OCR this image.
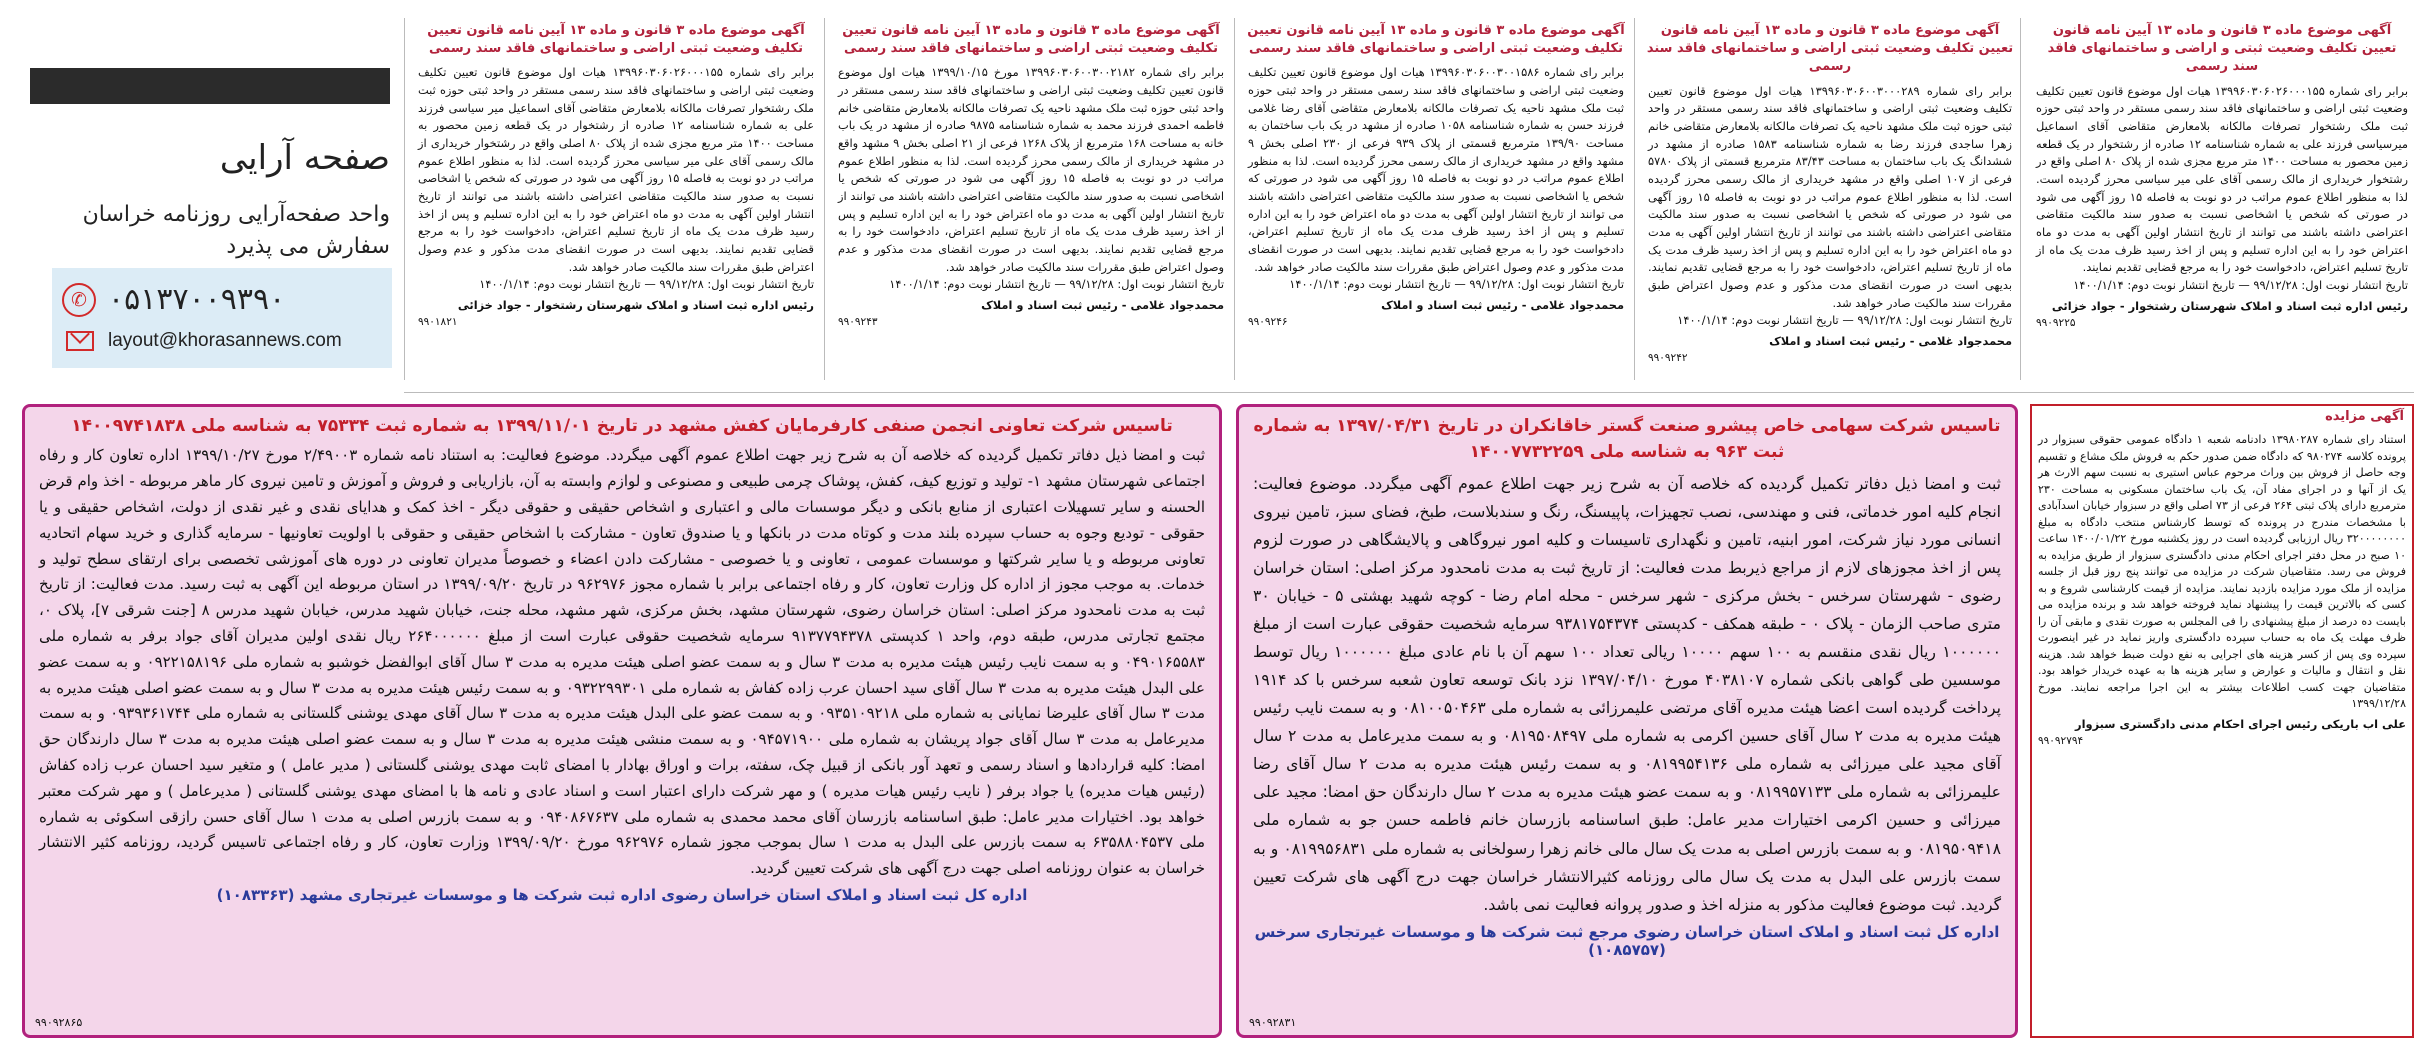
صفحه آرایی
واحد صفحه‌آرایی روزنامه خراسان
سفارش می پذیرد
✆ ۰۵۱۳۷۰۰۹۳۹۰
layout@khorasannews.com
آگهی موضوع ماده ۳ قانون و ماده ۱۳ آیین نامه قانون تعیین تکلیف وضعیت ثبتی و اراضی و ساختمانهای فاقد سند رسمی
برابر رای شماره ۱۳۹۹۶۰۳۰۶۰۲۶۰۰۰۱۵۵ هیات اول موضوع قانون تعیین تکلیف وضعیت ثبتی اراضی و ساختمانهای فاقد سند رسمی مستقر در واحد ثبتی حوزه ثبت ملک رشتخوار تصرفات مالکانه بلامعارض متقاضی آقای اسماعیل میرسیاسی فرزند علی به شماره شناسنامه ۱۲ صادره از رشتخوار در یک قطعه زمین محصور به مساحت ۱۴۰۰ متر مربع مجزی شده از پلاک ۸۰ اصلی واقع در رشتخوار خریداری از مالک رسمی آقای علی میر سیاسی محرز گردیده است. لذا به منظور اطلاع عموم مراتب در دو نوبت به فاصله ۱۵ روز آگهی می شود در صورتی که شخص یا اشخاصی نسبت به صدور سند مالکیت متقاضی اعتراضی داشته باشند می توانند از تاریخ انتشار اولین آگهی به مدت دو ماه اعتراض خود را به این اداره تسلیم و پس از اخذ رسید ظرف مدت یک ماه از تاریخ تسلیم اعتراض، دادخواست خود را به مرجع قضایی تقدیم نمایند.
تاریخ انتشار نوبت اول: ۹۹/۱۲/۲۸ — تاریخ انتشار نوبت دوم: ۱۴۰۰/۱/۱۴
رئیس اداره ثبت اسناد و املاک شهرستان رشتخوار - جواد خزائی
۹۹۰۹۲۲۵
آگهی موضوع ماده ۳ قانون و ماده ۱۳ آیین نامه قانون تعیین تکلیف وضعیت ثبتی اراضی و ساختمانهای فاقد سند رسمی
برابر رای شماره ۱۳۹۹۶۰۳۰۶۰۰۳۰۰۰۲۸۹ هیات اول موضوع قانون تعیین تکلیف وضعیت ثبتی اراضی و ساختمانهای فاقد سند رسمی مستقر در واحد ثبتی حوزه ثبت ملک مشهد ناحیه یک تصرفات مالکانه بلامعارض متقاضی خانم زهرا ساجدی فرزند رضا به شماره شناسنامه ۱۵۸۳ صادره از مشهد در ششدانگ یک باب ساختمان به مساحت ۸۳/۴۳ مترمربع قسمتی از پلاک ۵۷۸۰ فرعی از ۱۰۷ اصلی واقع در مشهد خریداری از مالک رسمی محرز گردیده است. لذا به منظور اطلاع عموم مراتب در دو نوبت به فاصله ۱۵ روز آگهی می شود در صورتی که شخص یا اشخاصی نسبت به صدور سند مالکیت متقاضی اعتراضی داشته باشند می توانند از تاریخ انتشار اولین آگهی به مدت دو ماه اعتراض خود را به این اداره تسلیم و پس از اخذ رسید ظرف مدت یک ماه از تاریخ تسلیم اعتراض، دادخواست خود را به مرجع قضایی تقدیم نمایند. بدیهی است در صورت انقضای مدت مذکور و عدم وصول اعتراض طبق مقررات سند مالکیت صادر خواهد شد.
تاریخ انتشار نوبت اول: ۹۹/۱۲/۲۸ — تاریخ انتشار نوبت دوم: ۱۴۰۰/۱/۱۴
محمدجواد غلامی - رئیس ثبت اسناد و املاک
۹۹۰۹۲۴۲
آگهی موضوع ماده ۳ قانون و ماده ۱۳ آیین نامه قانون تعیین تکلیف وضعیت ثبتی اراضی و ساختمانهای فاقد سند رسمی
برابر رای شماره ۱۳۹۹۶۰۳۰۶۰۰۳۰۰۱۵۸۶ هیات اول موضوع قانون تعیین تکلیف وضعیت ثبتی اراضی و ساختمانهای فاقد سند رسمی مستقر در واحد ثبتی حوزه ثبت ملک مشهد ناحیه یک تصرفات مالکانه بلامعارض متقاضی آقای رضا غلامی فرزند حسن به شماره شناسنامه ۱۰۵۸ صادره از مشهد در یک باب ساختمان به مساحت ۱۳۹/۹۰ مترمربع قسمتی از پلاک ۹۳۹ فرعی از ۲۳۰ اصلی بخش ۹ مشهد واقع در مشهد خریداری از مالک رسمی محرز گردیده است. لذا به منظور اطلاع عموم مراتب در دو نوبت به فاصله ۱۵ روز آگهی می شود در صورتی که شخص یا اشخاصی نسبت به صدور سند مالکیت متقاضی اعتراضی داشته باشند می توانند از تاریخ انتشار اولین آگهی به مدت دو ماه اعتراض خود را به این اداره تسلیم و پس از اخذ رسید ظرف مدت یک ماه از تاریخ تسلیم اعتراض، دادخواست خود را به مرجع قضایی تقدیم نمایند. بدیهی است در صورت انقضای مدت مذکور و عدم وصول اعتراض طبق مقررات سند مالکیت صادر خواهد شد.
تاریخ انتشار نوبت اول: ۹۹/۱۲/۲۸ — تاریخ انتشار نوبت دوم: ۱۴۰۰/۱/۱۴
محمدجواد غلامی - رئیس ثبت اسناد و املاک
۹۹۰۹۲۴۶
آگهی موضوع ماده ۳ قانون و ماده ۱۳ آیین نامه قانون تعیین تکلیف وضعیت ثبتی اراضی و ساختمانهای فاقد سند رسمی
برابر رای شماره ۱۳۹۹۶۰۳۰۶۰۰۳۰۰۲۱۸۲ مورخ ۱۳۹۹/۱۰/۱۵ هیات اول موضوع قانون تعیین تکلیف وضعیت ثبتی اراضی و ساختمانهای فاقد سند رسمی مستقر در واحد ثبتی حوزه ثبت ملک مشهد ناحیه یک تصرفات مالکانه بلامعارض متقاضی خانم فاطمه احمدی فرزند محمد به شماره شناسنامه ۹۸۷۵ صادره از مشهد در یک باب خانه به مساحت ۱۶۸ مترمربع از پلاک ۱۲۶۸ فرعی از ۲۱ اصلی بخش ۹ مشهد واقع در مشهد خریداری از مالک رسمی محرز گردیده است. لذا به منظور اطلاع عموم مراتب در دو نوبت به فاصله ۱۵ روز آگهی می شود در صورتی که شخص یا اشخاصی نسبت به صدور سند مالکیت متقاضی اعتراضی داشته باشند می توانند از تاریخ انتشار اولین آگهی به مدت دو ماه اعتراض خود را به این اداره تسلیم و پس از اخذ رسید ظرف مدت یک ماه از تاریخ تسلیم اعتراض، دادخواست خود را به مرجع قضایی تقدیم نمایند. بدیهی است در صورت انقضای مدت مذکور و عدم وصول اعتراض طبق مقررات سند مالکیت صادر خواهد شد.
تاریخ انتشار نوبت اول: ۹۹/۱۲/۲۸ — تاریخ انتشار نوبت دوم: ۱۴۰۰/۱/۱۴
محمدجواد غلامی - رئیس ثبت اسناد و املاک
۹۹۰۹۲۴۳
آگهی موضوع ماده ۳ قانون و ماده ۱۳ آیین نامه قانون تعیین تکلیف وضعیت ثبتی اراضی و ساختمانهای فاقد سند رسمی
برابر رای شماره ۱۳۹۹۶۰۳۰۶۰۲۶۰۰۰۱۵۵ هیات اول موضوع قانون تعیین تکلیف وضعیت ثبتی اراضی و ساختمانهای فاقد سند رسمی مستقر در واحد ثبتی حوزه ثبت ملک رشتخوار تصرفات مالکانه بلامعارض متقاضی آقای اسماعیل میر سیاسی فرزند علی به شماره شناسنامه ۱۲ صادره از رشتخوار در یک قطعه زمین محصور به مساحت ۱۴۰۰ متر مربع مجزی شده از پلاک ۸۰ اصلی واقع در رشتخوار خریداری از مالک رسمی آقای علی میر سیاسی محرز گردیده است. لذا به منظور اطلاع عموم مراتب در دو نوبت به فاصله ۱۵ روز آگهی می شود در صورتی که شخص یا اشخاصی نسبت به صدور سند مالکیت متقاضی اعتراضی داشته باشند می توانند از تاریخ انتشار اولین آگهی به مدت دو ماه اعتراض خود را به این اداره تسلیم و پس از اخذ رسید ظرف مدت یک ماه از تاریخ تسلیم اعتراض، دادخواست خود را به مرجع قضایی تقدیم نمایند. بدیهی است در صورت انقضای مدت مذکور و عدم وصول اعتراض طبق مقررات سند مالکیت صادر خواهد شد.
تاریخ انتشار نوبت اول: ۹۹/۱۲/۲۸ — تاریخ انتشار نوبت دوم: ۱۴۰۰/۱/۱۴
رئیس اداره ثبت اسناد و املاک شهرستان رشتخوار - جواد خزائی
۹۹۰۱۸۲۱
آگهی مزایده
استناد رای شماره ۱۳۹۸۰۲۸۷ دادنامه شعبه ۱ دادگاه عمومی حقوقی سبزوار در پرونده کلاسه ۹۸۰۲۷۴ که دادگاه ضمن صدور حکم به فروش ملک مشاع و تقسیم وجه حاصل از فروش بین وراث مرحوم عباس استیری به نسبت سهم الارث هر یک از آنها و در اجرای مفاد آن، یک باب ساختمان مسکونی به مساحت ۲۳۰ مترمربع دارای پلاک ثبتی ۲۶۴ فرعی از ۷۳ اصلی واقع در سبزوار خیابان اسدآبادی با مشخصات مندرج در پرونده که توسط کارشناس منتخب دادگاه به مبلغ ۳۲۰۰۰۰۰۰۰۰ ریال ارزیابی گردیده است در روز یکشنبه مورخ ۱۴۰۰/۰۱/۲۲ ساعت ۱۰ صبح در محل دفتر اجرای احکام مدنی دادگستری سبزوار از طریق مزایده به فروش می رسد. متقاضیان شرکت در مزایده می توانند پنج روز قبل از جلسه مزایده از ملک مورد مزایده بازدید نمایند. مزایده از قیمت کارشناسی شروع و به کسی که بالاترین قیمت را پیشنهاد نماید فروخته خواهد شد و برنده مزایده می بایست ده درصد از مبلغ پیشنهادی را فی المجلس به صورت نقدی و مابقی آن را ظرف مهلت یک ماه به حساب سپرده دادگستری واریز نماید در غیر اینصورت سپرده وی پس از کسر هزینه های اجرایی به نفع دولت ضبط خواهد شد. هزینه نقل و انتقال و مالیات و عوارض و سایر هزینه ها به عهده خریدار خواهد بود. متقاضیان جهت کسب اطلاعات بیشتر به این اجرا مراجعه نمایند. مورخ ۱۳۹۹/۱۲/۲۸
علی اب باریکی رئیس اجرای احکام مدنی دادگستری سبزوار
۹۹۰۹۲۷۹۴
تاسیس شرکت سهامی خاص پیشرو صنعت گستر خاقانکران در تاریخ ۱۳۹۷/۰۴/۳۱ به شماره ثبت ۹۶۳ به شناسه ملی ۱۴۰۰۷۷۳۲۲۵۹
ثبت و امضا ذیل دفاتر تکمیل گردیده که خلاصه آن به شرح زیر جهت اطلاع عموم آگهی میگردد. موضوع فعالیت: انجام کلیه امور خدماتی، فنی و مهندسی، نصب تجهیزات، پاپیسنگ، رنگ و سندبلاست، طبخ، فضای سبز، تامین نیروی انسانی مورد نیاز شرکت، امور ابنیه، تامین و نگهداری تاسیسات و کلیه امور نیروگاهی و پالایشگاهی در صورت لزوم پس از اخذ مجوزهای لازم از مراجع ذیربط مدت فعالیت: از تاریخ ثبت به مدت نامحدود مرکز اصلی: استان خراسان رضوی - شهرستان سرخس - بخش مرکزی - شهر سرخس - محله امام رضا - کوچه شهید بهشتی ۵ - خیابان ۳۰ متری صاحب الزمان - پلاک ۰ - طبقه همکف - کدپستی ۹۳۸۱۷۵۴۳۷۴ سرمایه شخصیت حقوقی عبارت است از مبلغ ۱۰۰۰۰۰۰ ریال نقدی منقسم به ۱۰۰ سهم ۱۰۰۰۰ ریالی تعداد ۱۰۰ سهم آن با نام عادی مبلغ ۱۰۰۰۰۰۰ ریال توسط موسسین طی گواهی بانکی شماره ۴۰۳۸۱۰۷ مورخ ۱۳۹۷/۰۴/۱۰ نزد بانک توسعه تعاون شعبه سرخس با کد ۱۹۱۴ پرداخت گردیده است اعضا هیئت مدیره آقای مرتضی علیمرزائی به شماره ملی ۰۸۱۰۰۵۰۴۶۳ و به سمت نایب رئیس هیئت مدیره به مدت ۲ سال آقای حسین اکرمی به شماره ملی ۰۸۱۹۵۰۸۴۹۷ و به سمت مدیرعامل به مدت ۲ سال آقای مجید علی میرزائی به شماره ملی ۰۸۱۹۹۵۴۱۳۶ و به سمت رئیس هیئت مدیره به مدت ۲ سال آقای رضا علیمرزائی به شماره ملی ۰۸۱۹۹۵۷۱۳۳ و به سمت عضو هیئت مدیره به مدت ۲ سال دارندگان حق امضا: مجید علی میرزائی و حسین اکرمی اختیارات مدیر عامل: طبق اساسنامه بازرسان خانم فاطمه حسن جو به شماره ملی ۰۸۱۹۵۰۹۴۱۸ و به سمت بازرس اصلی به مدت یک سال مالی خانم زهرا رسولخانی به شماره ملی ۰۸۱۹۹۵۶۸۳۱ و به سمت بازرس علی البدل به مدت یک سال مالی روزنامه کثیرالانتشار خراسان جهت درج آگهی های شرکت تعیین گردید. ثبت موضوع فعالیت مذکور به منزله اخذ و صدور پروانه فعالیت نمی باشد.
اداره کل ثبت اسناد و املاک استان خراسان رضوی مرجع ثبت شرکت ها و موسسات غیرتجاری سرخس (۱۰۸۵۷۵۷)
۹۹۰۹۲۸۳۱
تاسیس شرکت تعاونی انجمن صنفی کارفرمایان کفش مشهد در تاریخ ۱۳۹۹/۱۱/۰۱ به شماره ثبت ۷۵۳۳۴ به شناسه ملی ۱۴۰۰۹۷۴۱۸۳۸
ثبت و امضا ذیل دفاتر تکمیل گردیده که خلاصه آن به شرح زیر جهت اطلاع عموم آگهی میگردد. موضوع فعالیت: به استناد نامه شماره ۲/۴۹۰۰۳ مورخ ۱۳۹۹/۱۰/۲۷ اداره تعاون کار و رفاه اجتماعی شهرستان مشهد ۱- تولید و توزیع کیف، کفش، پوشاک چرمی طبیعی و مصنوعی و لوازم وابسته به آن، بازاریابی و فروش و آموزش و تامین نیروی کار ماهر مربوطه - اخذ وام قرض الحسنه و سایر تسهیلات اعتباری از منابع بانکی و دیگر موسسات مالی و اعتباری و اشخاص حقیقی و حقوقی دیگر - اخذ کمک و هدایای نقدی و غیر نقدی از دولت، اشخاص حقیقی و یا حقوقی - تودیع وجوه به حساب سپرده بلند مدت و کوتاه مدت در بانکها و یا صندوق تعاون - مشارکت با اشخاص حقیقی و حقوقی با اولویت تعاونیها - سرمایه گذاری و خرید سهام اتحادیه تعاونی مربوطه و یا سایر شرکتها و موسسات عمومی ، تعاونی و یا خصوصی - مشارکت دادن اعضاء و خصوصاً مدیران تعاونی در دوره های آموزشی تخصصی برای ارتقای سطح تولید و خدمات. به موجب مجوز از اداره کل وزارت تعاون، کار و رفاه اجتماعی برابر با شماره مجوز ۹۶۲۹۷۶ در تاریخ ۱۳۹۹/۰۹/۲۰ در استان مربوطه این آگهی به ثبت رسید. مدت فعالیت: از تاریخ ثبت به مدت نامحدود مرکز اصلی: استان خراسان رضوی، شهرستان مشهد، بخش مرکزی، شهر مشهد، محله جنت، خیابان شهید مدرس، خیابان شهید مدرس ۸ [جنت شرقی ۷]، پلاک ۰، مجتمع تجارتی مدرس، طبقه دوم، واحد ۱ کدپستی ۹۱۳۷۷۹۴۳۷۸ سرمایه شخصیت حقوقی عبارت است از مبلغ ۲۶۴۰۰۰۰۰۰ ریال نقدی اولین مدیران آقای جواد برفر به شماره ملی ۰۴۹۰۱۶۵۵۸۳ و به سمت نایب رئیس هیئت مدیره به مدت ۳ سال و به سمت عضو اصلی هیئت مدیره به مدت ۳ سال آقای ابوالفضل خوشبو به شماره ملی ۰۹۲۲۱۵۸۱۹۶ و به سمت عضو علی البدل هیئت مدیره به مدت ۳ سال آقای سید احسان عرب زاده کفاش به شماره ملی ۰۹۳۲۲۹۹۳۰۱ و به سمت رئیس هیئت مدیره به مدت ۳ سال و به سمت عضو اصلی هیئت مدیره به مدت ۳ سال آقای علیرضا نمایانی به شماره ملی ۰۹۳۵۱۰۹۲۱۸ و به سمت عضو علی البدل هیئت مدیره به مدت ۳ سال آقای مهدی یوشنی گلستانی به شماره ملی ۰۹۳۹۳۶۱۷۴۴ و به سمت مدیرعامل به مدت ۳ سال آقای جواد پریشان به شماره ملی ۰۹۴۵۷۱۹۰۰ و به سمت منشی هیئت مدیره به مدت ۳ سال و به سمت عضو اصلی هیئت مدیره به مدت ۳ سال دارندگان حق امضا: کلیه قراردادها و اسناد رسمی و تعهد آور بانکی از قبیل چک، سفته، برات و اوراق بهادار با امضای ثابت مهدی یوشنی گلستانی ( مدیر عامل ) و متغیر سید احسان عرب زاده کفاش (رئیس هیات مدیره) یا جواد برفر ( نایب رئیس هیات مدیره ) و مهر شرکت دارای اعتبار است و اسناد عادی و نامه ها با امضای مهدی یوشنی گلستانی ( مدیرعامل ) و مهر شرکت معتبر خواهد بود. اختیارات مدیر عامل: طبق اساسنامه بازرسان آقای محمد محمدی به شماره ملی ۰۹۴۰۸۶۷۶۳۷ و به سمت بازرس اصلی به مدت ۱ سال آقای حسن رازقی اسکوئی به شماره ملی ۶۳۵۸۸۰۴۵۳۷ به سمت بازرس علی البدل به مدت ۱ سال بموجب مجوز شماره ۹۶۲۹۷۶ مورخ ۱۳۹۹/۰۹/۲۰ وزارت تعاون، کار و رفاه اجتماعی تاسیس گردید، روزنامه کثیر الانتشار خراسان به عنوان روزنامه اصلی جهت درج آگهی های شرکت تعیین گردید.
اداره کل ثبت اسناد و املاک استان خراسان رضوی اداره ثبت شرکت ها و موسسات غیرتجاری مشهد (۱۰۸۳۳۶۳)
۹۹۰۹۲۸۶۵
